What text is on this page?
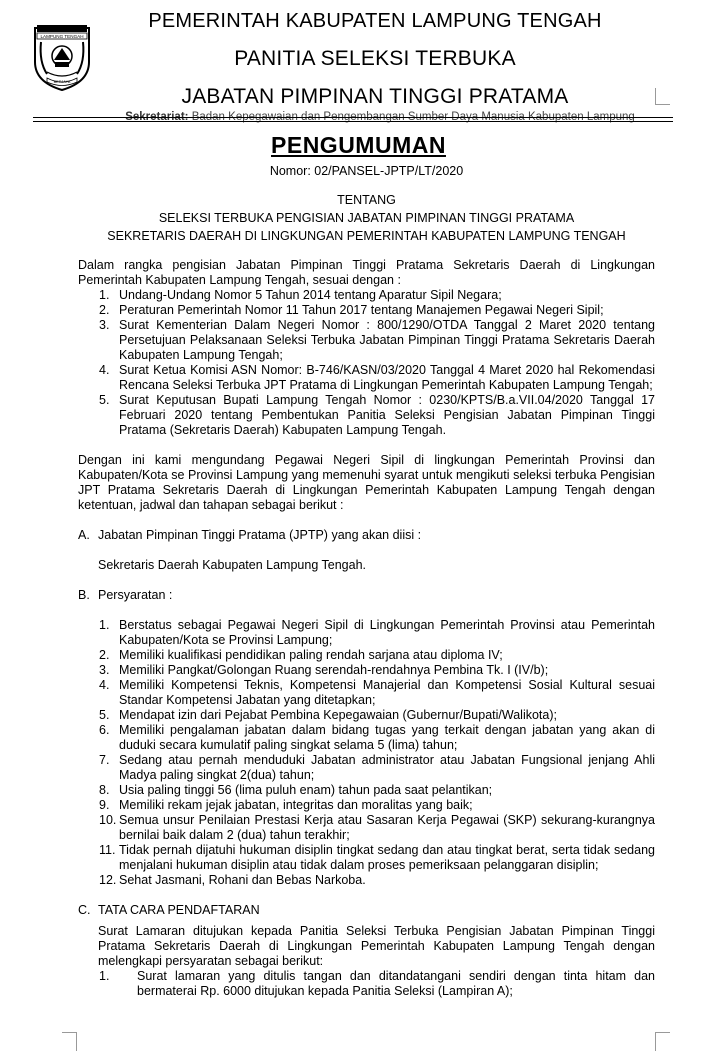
LAMPUNG TENGAH
BERJAYA
PEMERINTAH KABUPATEN LAMPUNG TENGAH
PANITIA SELEKSI TERBUKA
JABATAN PIMPINAN TINGGI PRATAMA
Sekretariat: Badan Kepegawaian dan Pengembangan Sumber Daya Manusia Kabupaten Lampung
PENGUMUMAN
Nomor: 02/PANSEL-JPTP/LT/2020
TENTANG
SELEKSI TERBUKA PENGISIAN JABATAN PIMPINAN TINGGI PRATAMA
SEKRETARIS DAERAH DI LINGKUNGAN PEMERINTAH KABUPATEN LAMPUNG TENGAH

Dalam rangka pengisian Jabatan Pimpinan Tinggi Pratama Sekretaris Daerah di Lingkungan Pemerintah Kabupaten Lampung Tengah, sesuai dengan :

1. Undang-Undang Nomor 5 Tahun 2014 tentang Aparatur Sipil Negara;
2. Peraturan Pemerintah Nomor 11 Tahun 2017 tentang Manajemen Pegawai Negeri Sipil;
3. Surat Kementerian Dalam Negeri Nomor : 800/1290/OTDA Tanggal 2 Maret 2020 tentang Persetujuan Pelaksanaan Seleksi Terbuka Jabatan Pimpinan Tinggi Pratama Sekretaris Daerah Kabupaten Lampung Tengah;
4. Surat Ketua Komisi ASN Nomor: B-746/KASN/03/2020 Tanggal 4 Maret 2020 hal Rekomendasi Rencana Seleksi Terbuka JPT Pratama di Lingkungan Pemerintah Kabupaten Lampung Tengah;
5. Surat Keputusan Bupati Lampung Tengah Nomor : 0230/KPTS/B.a.VII.04/2020 Tanggal 17 Februari 2020 tentang Pembentukan Panitia Seleksi Pengisian Jabatan Pimpinan Tinggi Pratama (Sekretaris Daerah) Kabupaten Lampung Tengah.

Dengan ini kami mengundang Pegawai Negeri Sipil di lingkungan Pemerintah Provinsi dan Kabupaten/Kota se Provinsi Lampung yang memenuhi syarat untuk mengikuti seleksi terbuka Pengisian JPT Pratama Sekretaris Daerah di Lingkungan Pemerintah Kabupaten Lampung Tengah dengan ketentuan, jadwal dan tahapan sebagai berikut :

A. Jabatan Pimpinan Tinggi Pratama (JPTP) yang akan diisi :
Sekretaris Daerah Kabupaten Lampung Tengah.
B. Persyaratan :
1. Berstatus sebagai Pegawai Negeri Sipil di Lingkungan Pemerintah Provinsi atau Pemerintah Kabupaten/Kota se Provinsi Lampung;
2. Memiliki kualifikasi pendidikan paling rendah sarjana atau diploma IV;
3. Memiliki Pangkat/Golongan Ruang serendah-rendahnya Pembina Tk. I (IV/b);
4. Memiliki Kompetensi Teknis, Kompetensi Manajerial dan Kompetensi Sosial Kultural sesuai Standar Kompetensi Jabatan yang ditetapkan;
5. Mendapat izin dari Pejabat Pembina Kepegawaian (Gubernur/Bupati/Walikota);
6. Memiliki pengalaman jabatan dalam bidang tugas yang terkait dengan jabatan yang akan di duduki secara kumulatif paling singkat selama 5 (lima) tahun;
7. Sedang atau pernah menduduki Jabatan administrator atau Jabatan Fungsional jenjang Ahli Madya paling singkat 2(dua) tahun;
8. Usia paling tinggi 56 (lima puluh enam) tahun pada saat pelantikan;
9. Memiliki rekam jejak jabatan, integritas dan moralitas yang baik;
10. Semua unsur Penilaian Prestasi Kerja atau Sasaran Kerja Pegawai (SKP) sekurang-kurangnya bernilai baik dalam 2 (dua) tahun terakhir;
11. Tidak pernah dijatuhi hukuman disiplin tingkat sedang dan atau tingkat berat, serta tidak sedang menjalani hukuman disiplin atau tidak dalam proses pemeriksaan pelanggaran disiplin;
12. Sehat Jasmani, Rohani dan Bebas Narkoba.
C. TATA CARA PENDAFTARAN

Surat Lamaran ditujukan kepada Panitia Seleksi Terbuka Pengisian Jabatan Pimpinan Tinggi Pratama Sekretaris Daerah di Lingkungan Pemerintah Kabupaten Lampung Tengah dengan melengkapi persyaratan sebagai berikut:

1. Surat lamaran yang ditulis tangan dan ditandatangani sendiri dengan tinta hitam dan bermaterai Rp. 6000 ditujukan kepada Panitia Seleksi (Lampiran A);
